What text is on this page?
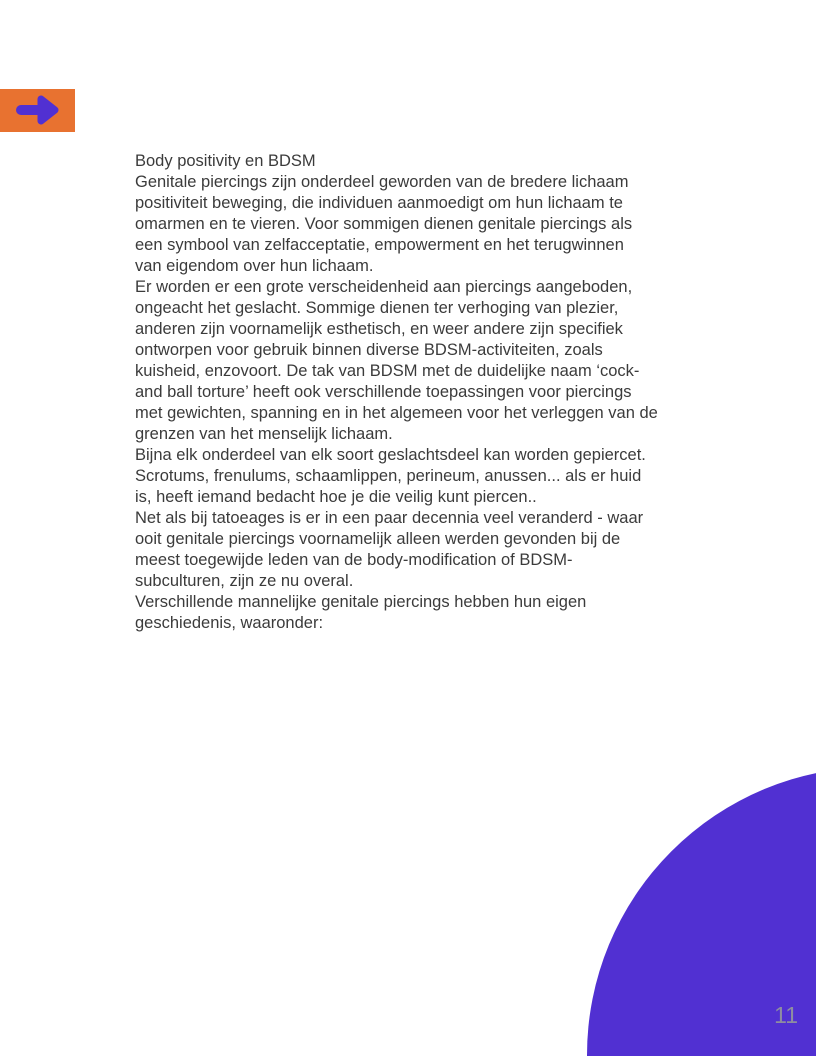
Body positivity en BDSM
Genitale piercings zijn onderdeel geworden van de bredere lichaam
positiviteit beweging, die individuen aanmoedigt om hun lichaam te
omarmen en te vieren. Voor sommigen dienen genitale piercings als
een symbool van zelfacceptatie, empowerment en het terugwinnen
van eigendom over hun lichaam.
Er worden er een grote verscheidenheid aan piercings aangeboden,
ongeacht het geslacht. Sommige dienen ter verhoging van plezier,
anderen zijn voornamelijk esthetisch, en weer andere zijn specifiek
ontworpen voor gebruik binnen diverse BDSM-activiteiten, zoals
kuisheid, enzovoort. De tak van BDSM met de duidelijke naam ‘cock-
and ball torture’ heeft ook verschillende toepassingen voor piercings
met gewichten, spanning en in het algemeen voor het verleggen van de
grenzen van het menselijk lichaam.
Bijna elk onderdeel van elk soort geslachtsdeel kan worden gepiercet.
Scrotums, frenulums, schaamlippen, perineum, anussen... als er huid
is, heeft iemand bedacht hoe je die veilig kunt piercen..
Net als bij tatoeages is er in een paar decennia veel veranderd - waar
ooit genitale piercings voornamelijk alleen werden gevonden bij de
meest toegewijde leden van de body-modification of BDSM-
subculturen, zijn ze nu overal.
Verschillende mannelijke genitale piercings hebben hun eigen
geschiedenis, waaronder:
11
